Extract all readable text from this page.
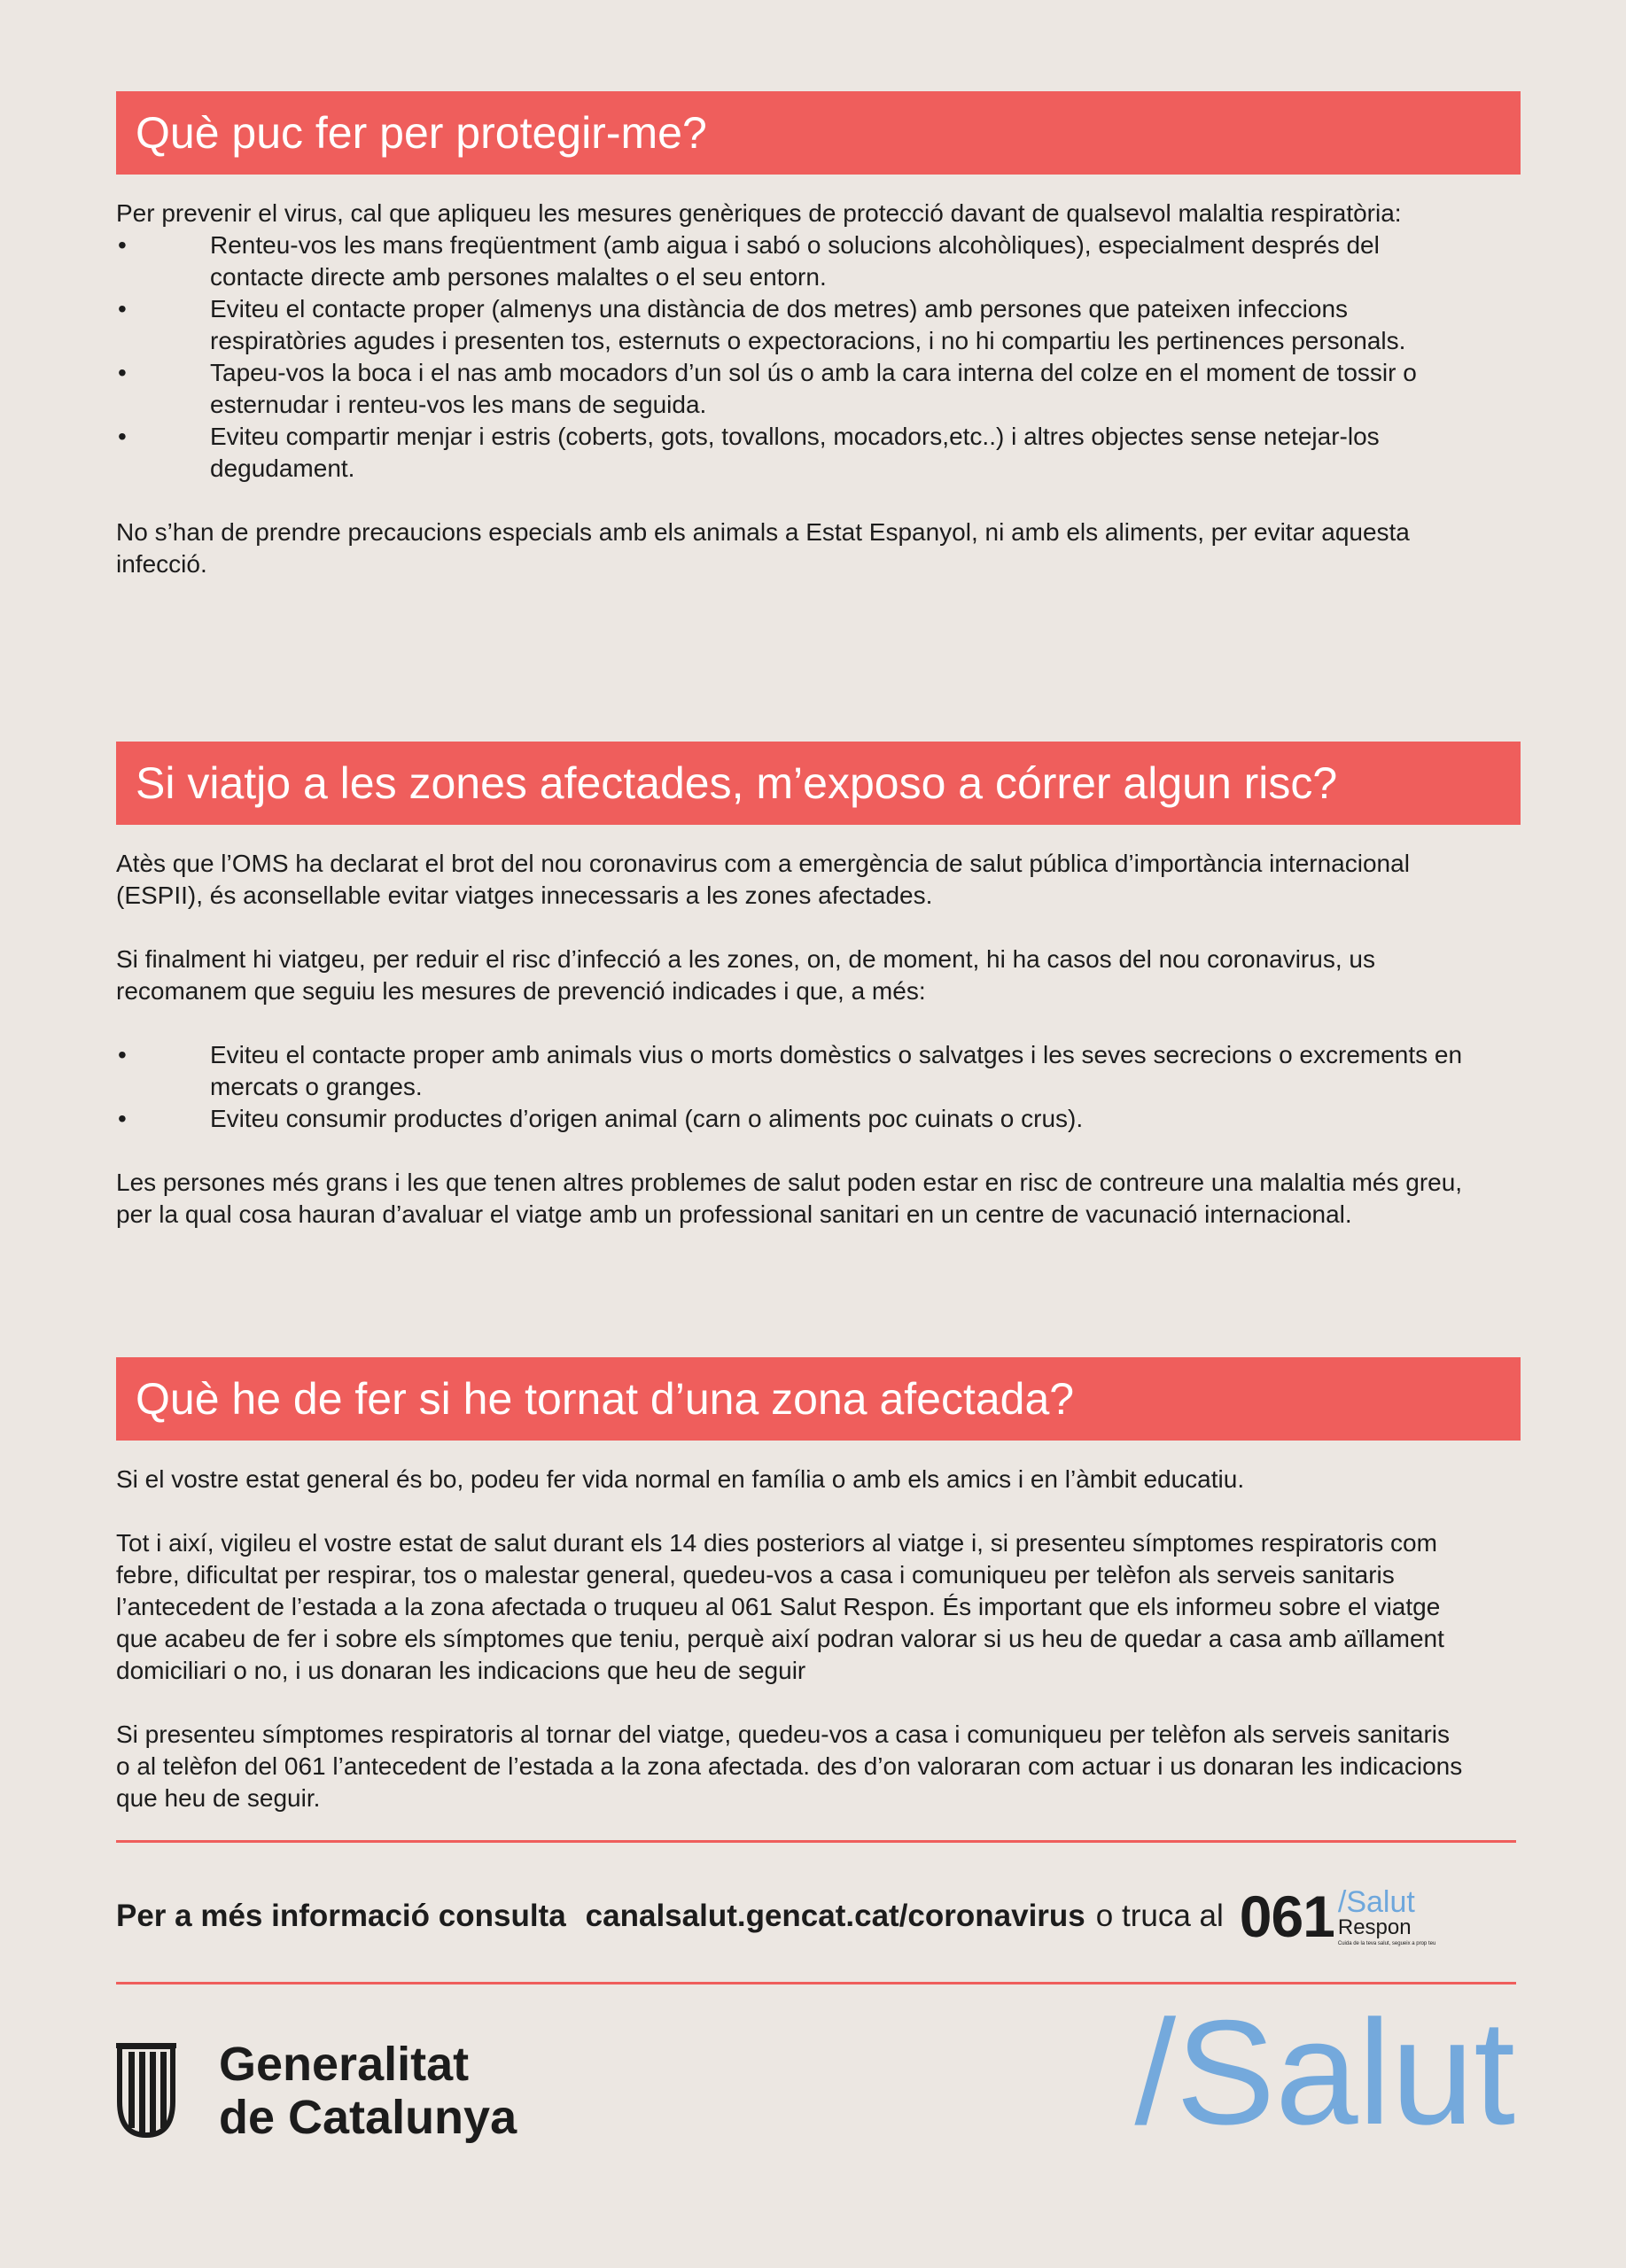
Què puc fer per protegir-me?

Per prevenir el virus, cal que apliqueu les mesures genèriques de protecció davant de qualsevol malaltia respiratòria:

• Renteu-vos les mans freqüentment (amb aigua i sabó o solucions alcohòliques), especialment després del contacte directe amb persones malaltes o el seu entorn.
• Eviteu el contacte proper (almenys una distància de dos metres) amb persones que pateixen infeccions respiratòries agudes i presenten tos, esternuts o expectoracions, i no hi compartiu les pertinences personals.
• Tapeu-vos la boca i el nas amb mocadors d’un sol ús o amb la cara interna del colze en el moment de tossir o esternudar i renteu-vos les mans de seguida.
• Eviteu compartir menjar i estris (coberts, gots, tovallons, mocadors,etc..) i altres objectes sense netejar-los degudament.

No s’han de prendre precaucions especials amb els animals a Estat Espanyol, ni amb els aliments, per evitar aquesta infecció.

Si viatjo a les zones afectades, m’exposo a córrer algun risc?

Atès que l’OMS ha declarat el brot del nou coronavirus com a emergència de salut pública d’importància internacional (ESPII), és aconsellable evitar viatges innecessaris a les zones afectades.

Si finalment hi viatgeu, per reduir el risc d’infecció a les zones, on, de moment, hi ha casos del nou coronavirus, us recomanem que seguiu les mesures de prevenció indicades i que, a més:

• Eviteu el contacte proper amb animals vius o morts domèstics o salvatges i les seves secrecions o excrements en mercats o granges.
• Eviteu consumir productes d’origen animal (carn o aliments poc cuinats o crus).

Les persones més grans i les que tenen altres problemes de salut poden estar en risc de contreure una malaltia més greu, per la qual cosa hauran d’avaluar el viatge amb un professional sanitari en un centre de vacunació internacional.

Què he de fer si he tornat d’una zona afectada?

Si el vostre estat general és bo, podeu fer vida normal en família o amb els amics i en l’àmbit educatiu.

Tot i així, vigileu el vostre estat de salut durant els 14 dies posteriors al viatge i, si presenteu símptomes respiratoris com febre, dificultat per respirar, tos o malestar general, quedeu-vos a casa i comuniqueu per telèfon als serveis sanitaris l’antecedent de l’estada a la zona afectada o truqueu al 061 Salut Respon. És important que els informeu sobre el viatge que acabeu de fer i sobre els símptomes que teniu, perquè així podran valorar si us heu de quedar a casa amb aïllament domiciliari o no, i us donaran les indicacions que heu de seguir

Si presenteu símptomes respiratoris al tornar del viatge, quedeu-vos a casa i comuniqueu per telèfon als serveis sanitaris o al telèfon del 061 l’antecedent de l’estada a la zona afectada. des d’on valoraran com actuar i us donaran les indicacions que heu de seguir.

Per a més informació consulta canalsalut.gencat.cat/coronavirus o truca al 061 /Salut
Respon
Cuida de la teva salut, segueix a prop teu
Generalitat
de Catalunya	/Salut
